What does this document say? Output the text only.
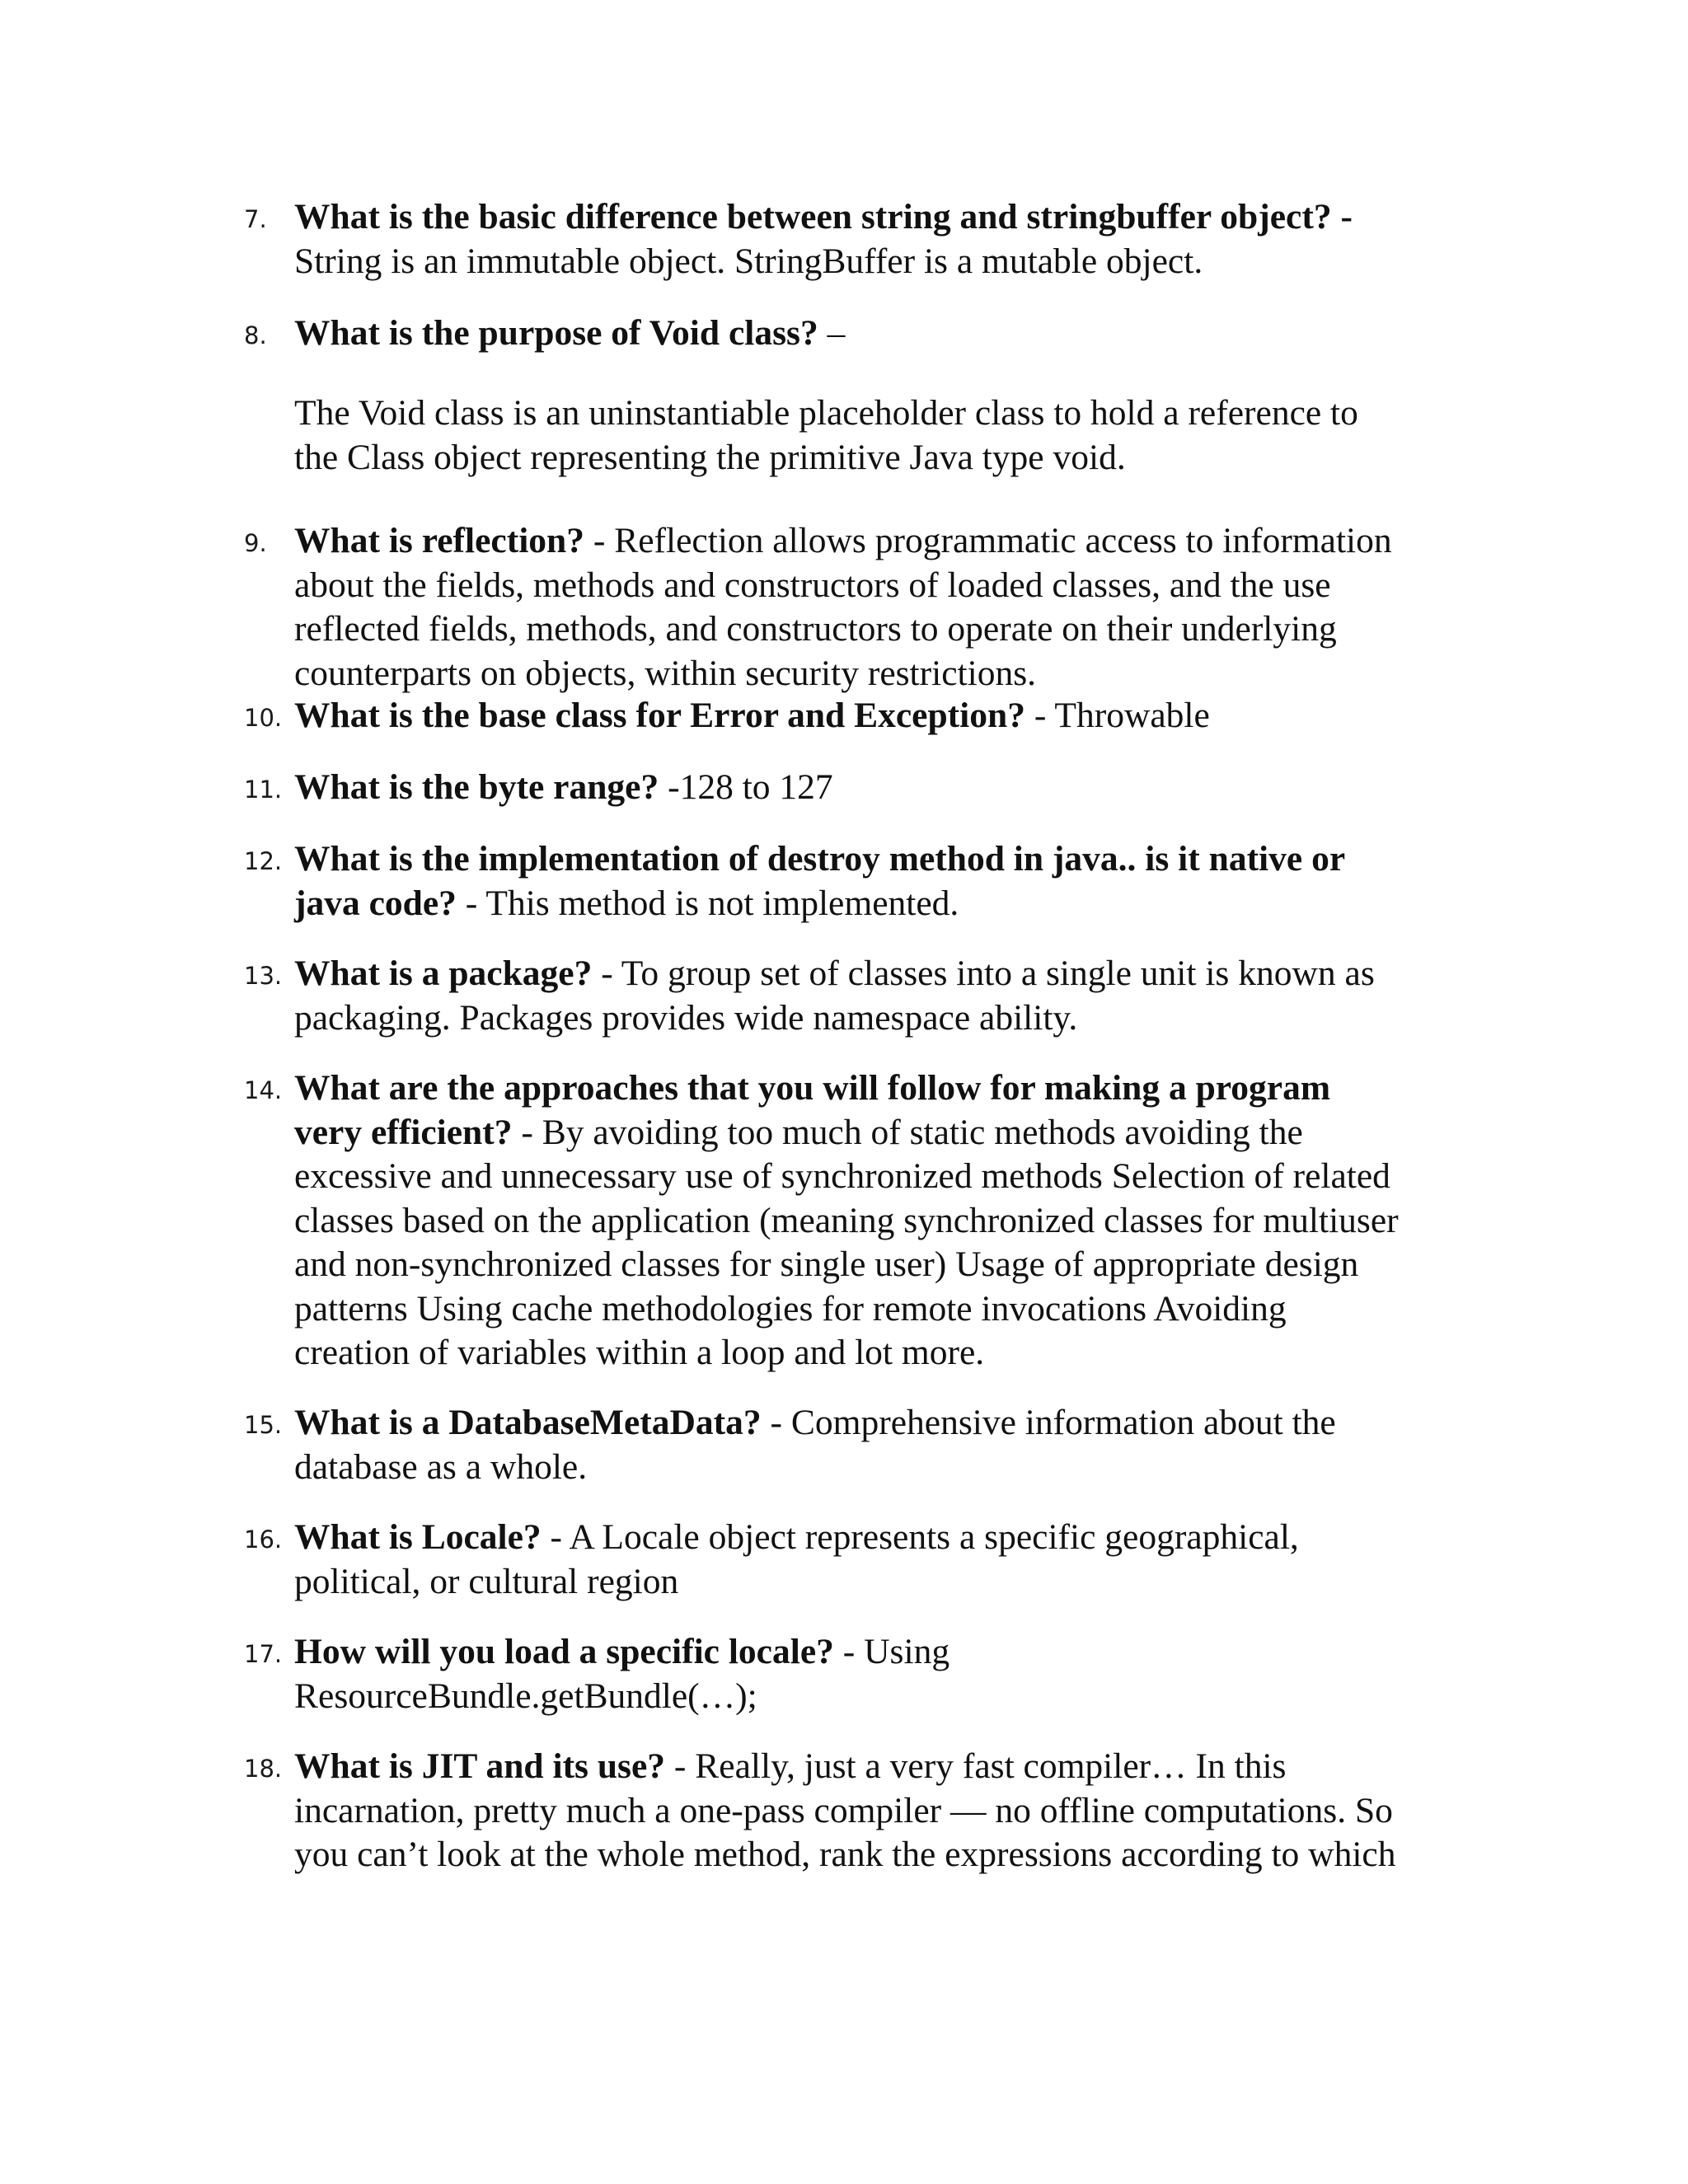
7. What is the basic difference between string and stringbuffer object? -
String is an immutable object. StringBuffer is a mutable object.
8. What is the purpose of Void class? –
The Void class is an uninstantiable placeholder class to hold a reference to
the Class object representing the primitive Java type void.
9. What is reflection? - Reflection allows programmatic access to information
about the fields, methods and constructors of loaded classes, and the use
reflected fields, methods, and constructors to operate on their underlying
counterparts on objects, within security restrictions.
10. What is the base class for Error and Exception? - Throwable
11. What is the byte range? -128 to 127
12. What is the implementation of destroy method in java.. is it native or
java code? - This method is not implemented.
13. What is a package? - To group set of classes into a single unit is known as
packaging. Packages provides wide namespace ability.
14. What are the approaches that you will follow for making a program
very efficient? - By avoiding too much of static methods avoiding the
excessive and unnecessary use of synchronized methods Selection of related
classes based on the application (meaning synchronized classes for multiuser
and non-synchronized classes for single user) Usage of appropriate design
patterns Using cache methodologies for remote invocations Avoiding
creation of variables within a loop and lot more.
15. What is a DatabaseMetaData? - Comprehensive information about the
database as a whole.
16. What is Locale? - A Locale object represents a specific geographical,
political, or cultural region
17. How will you load a specific locale? - Using
ResourceBundle.getBundle(…);
18. What is JIT and its use? - Really, just a very fast compiler… In this
incarnation, pretty much a one-pass compiler — no offline computations. So
you can’t look at the whole method, rank the expressions according to which
